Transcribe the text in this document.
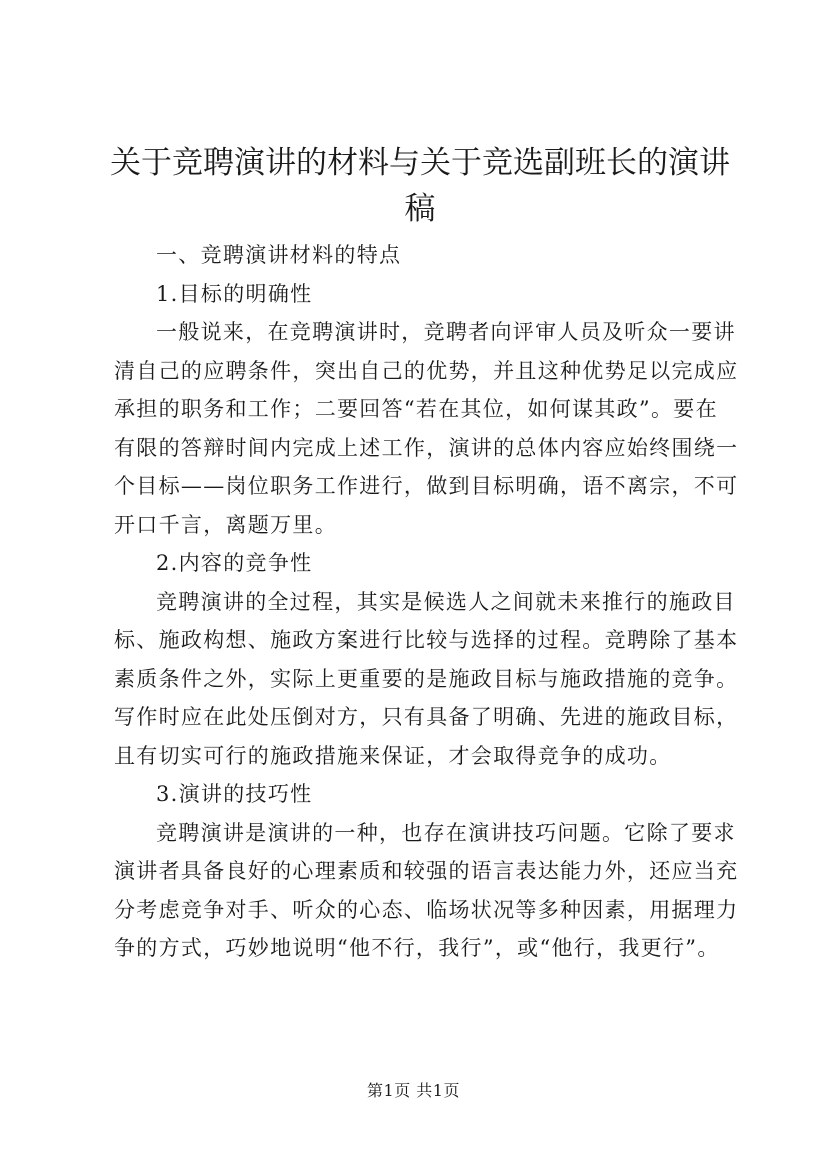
关于竞聘演讲的材料与关于竞选副班长的演讲
稿
一、竞聘演讲材料的特点
1.目标的明确性
一般说来，在竞聘演讲时，竞聘者向评审人员及听众一要讲
清自己的应聘条件，突出自己的优势，并且这种优势足以完成应
承担的职务和工作；二要回答“若在其位，如何谋其政”。要在
有限的答辩时间内完成上述工作，演讲的总体内容应始终围绕一
个目标——岗位职务工作进行，做到目标明确，语不离宗，不可
开口千言，离题万里。
2.内容的竞争性
竞聘演讲的全过程，其实是候选人之间就未来推行的施政目
标、施政构想、施政方案进行比较与选择的过程。竞聘除了基本
素质条件之外，实际上更重要的是施政目标与施政措施的竞争。
写作时应在此处压倒对方，只有具备了明确、先进的施政目标，
且有切实可行的施政措施来保证，才会取得竞争的成功。
3.演讲的技巧性
竞聘演讲是演讲的一种，也存在演讲技巧问题。它除了要求
演讲者具备良好的心理素质和较强的语言表达能力外，还应当充
分考虑竞争对手、听众的心态、临场状况等多种因素，用据理力
争的方式，巧妙地说明“他不行，我行”，或“他行，我更行”。
第1页 共1页
